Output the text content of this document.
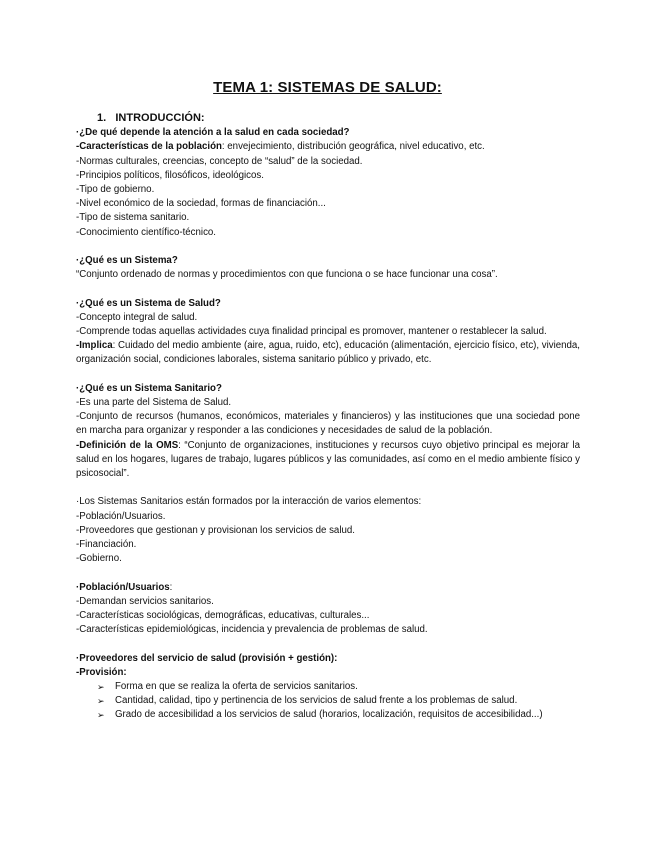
TEMA 1: SISTEMAS DE SALUD:
1. INTRODUCCIÓN:
·¿De qué depende la atención a la salud en cada sociedad?
-Características de la población: envejecimiento, distribución geográfica, nivel educativo, etc.
-Normas culturales, creencias, concepto de “salud” de la sociedad.
-Principios políticos, filosóficos, ideológicos.
-Tipo de gobierno.
-Nivel económico de la sociedad, formas de financiación...
-Tipo de sistema sanitario.
-Conocimiento científico-técnico.
·¿Qué es un Sistema?
“Conjunto ordenado de normas y procedimientos con que funciona o se hace funcionar una cosa”.
·¿Qué es un Sistema de Salud?
-Concepto integral de salud.
-Comprende todas aquellas actividades cuya finalidad principal es promover, mantener o restablecer la salud.
-Implica: Cuidado del medio ambiente (aire, agua, ruido, etc), educación (alimentación, ejercicio físico, etc), vivienda, organización social, condiciones laborales, sistema sanitario público y privado, etc.
·¿Qué es un Sistema Sanitario?
-Es una parte del Sistema de Salud.
-Conjunto de recursos (humanos, económicos, materiales y financieros) y las instituciones que una sociedad pone en marcha para organizar y responder a las condiciones y necesidades de salud de la población.
-Definición de la OMS: “Conjunto de organizaciones, instituciones y recursos cuyo objetivo principal es mejorar la salud en los hogares, lugares de trabajo, lugares públicos y las comunidades, así como en el medio ambiente físico y psicosocial”.
·Los Sistemas Sanitarios están formados por la interacción de varios elementos:
-Población/Usuarios.
-Proveedores que gestionan y provisionan los servicios de salud.
-Financiación.
-Gobierno.
·Población/Usuarios:
-Demandan servicios sanitarios.
-Características sociológicas, demográficas, educativas, culturales...
-Características epidemiológicas, incidencia y prevalencia de problemas de salud.
·Proveedores del servicio de salud (provisión + gestión):
-Provisión:
➢ Forma en que se realiza la oferta de servicios sanitarios.
➢ Cantidad, calidad, tipo y pertinencia de los servicios de salud frente a los problemas de salud.
➢ Grado de accesibilidad a los servicios de salud (horarios, localización, requisitos de accesibilidad...)
